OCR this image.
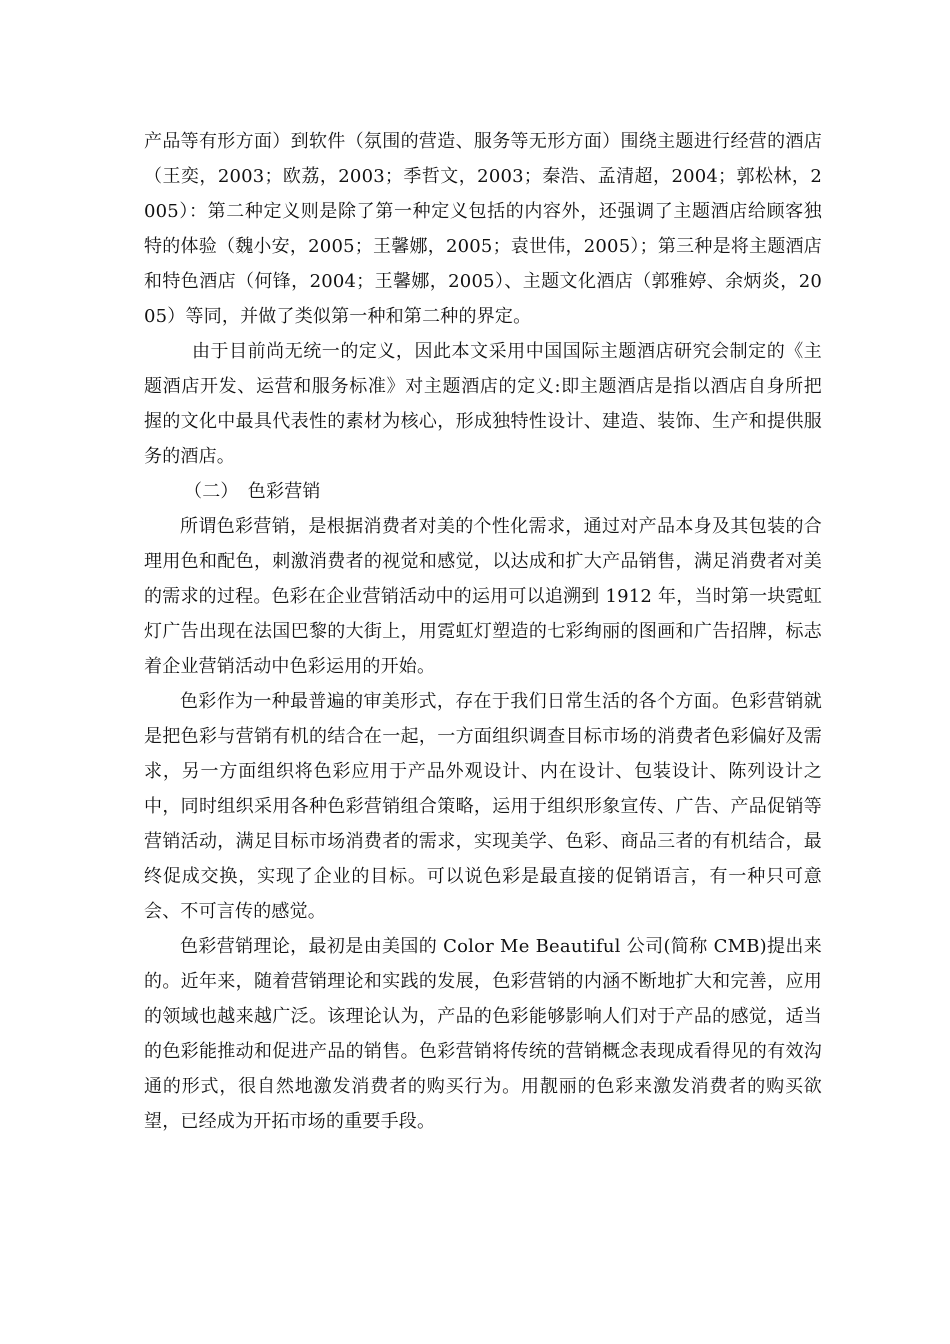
产品等有形方面）到软件（氛围的营造、服务等无形方面）围绕主题进行经营的酒店（王奕，2003；欧荔，2003；季哲文，2003；秦浩、孟清超，2004；郭松林，2005）：第二种定义则是除了第一种定义包括的内容外，还强调了主题酒店给顾客独特的体验（魏小安，2005；王馨娜，2005；袁世伟，2005）；第三种是将主题酒店和特色酒店（何锋，2004；王馨娜，2005）、主题文化酒店（郭雅婷、余炳炎，2005）等同，并做了类似第一种和第二种的界定。

由于目前尚无统一的定义，因此本文采用中国国际主题酒店研究会制定的《主题酒店开发、运营和服务标准》对主题酒店的定义:即主题酒店是指以酒店自身所把握的文化中最具代表性的素材为核心，形成独特性设计、建造、装饰、生产和提供服务的酒店。

（二）　色彩营销

所谓色彩营销，是根据消费者对美的个性化需求，通过对产品本身及其包装的合理用色和配色，刺激消费者的视觉和感觉，以达成和扩大产品销售，满足消费者对美的需求的过程。色彩在企业营销活动中的运用可以追溯到 1912 年，当时第一块霓虹灯广告出现在法国巴黎的大街上，用霓虹灯塑造的七彩绚丽的图画和广告招牌，标志着企业营销活动中色彩运用的开始。

色彩作为一种最普遍的审美形式，存在于我们日常生活的各个方面。色彩营销就是把色彩与营销有机的结合在一起，一方面组织调查目标市场的消费者色彩偏好及需求，另一方面组织将色彩应用于产品外观设计、内在设计、包装设计、陈列设计之中，同时组织采用各种色彩营销组合策略，运用于组织形象宣传、广告、产品促销等营销活动，满足目标市场消费者的需求，实现美学、色彩、商品三者的有机结合，最终促成交换，实现了企业的目标。可以说色彩是最直接的促销语言，有一种只可意会、不可言传的感觉。

色彩营销理论，最初是由美国的 Color Me Beautiful 公司(简称 CMB)提出来的。近年来，随着营销理论和实践的发展，色彩营销的内涵不断地扩大和完善，应用的领域也越来越广泛。该理论认为，产品的色彩能够影响人们对于产品的感觉，适当的色彩能推动和促进产品的销售。色彩营销将传统的营销概念表现成看得见的有效沟通的形式，很自然地激发消费者的购买行为。用靓丽的色彩来激发消费者的购买欲望，已经成为开拓市场的重要手段。
